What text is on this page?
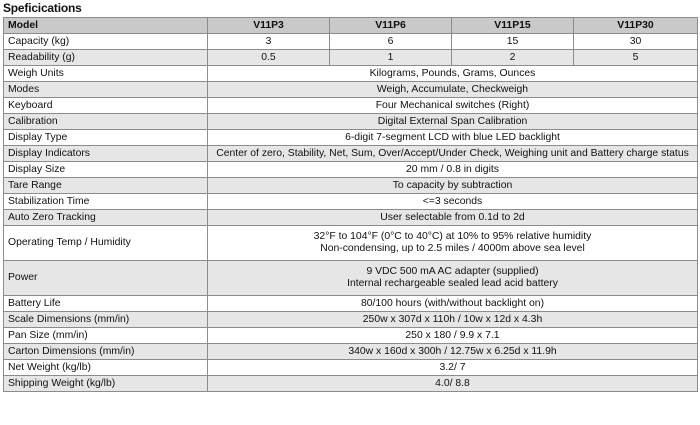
Speficications
Model	V11P3	V11P6	V11P15	V11P30
Capacity (kg)	3	6	15	30
Readability (g)	0.5	1	2	5
Weigh Units	Kilograms, Pounds, Grams, Ounces			

Modes	Weigh, Accumulate, Checkweigh			

Keyboard	Four Mechanical switches (Right)			

Calibration	Digital External Span Calibration			

Display Type	6-digit 7-segment LCD with blue LED backlight			

Display Indicators	Center of zero, Stability, Net, Sum, Over/Accept/Under Check, Weighing unit and Battery charge status			

Display Size	20 mm / 0.8 in digits			

Tare Range	To capacity by subtraction			

Stabilization Time	<=3 seconds			

Auto Zero Tracking	User selectable from 0.1d to 2d			

Operating Temp / Humidity	32°F to 104°F (0°C to 40°C) at 10% to 95% relative humidity
Non-condensing, up to 2.5 miles / 4000m above sea level			

Power	9 VDC 500 mA AC adapter (supplied)
Internal rechargeable sealed lead acid battery			

Battery Life	80/100 hours (with/without backlight on)			

Scale Dimensions (mm/in)	250w x 307d x 110h / 10w x 12d x 4.3h			

Pan Size (mm/in)	250 x 180 / 9.9 x 7.1			

Carton Dimensions (mm/in)	340w x 160d x 300h / 12.75w x 6.25d x 11.9h			

Net Weight (kg/lb)	3.2/ 7			

Shipping Weight (kg/lb)	4.0/ 8.8			
